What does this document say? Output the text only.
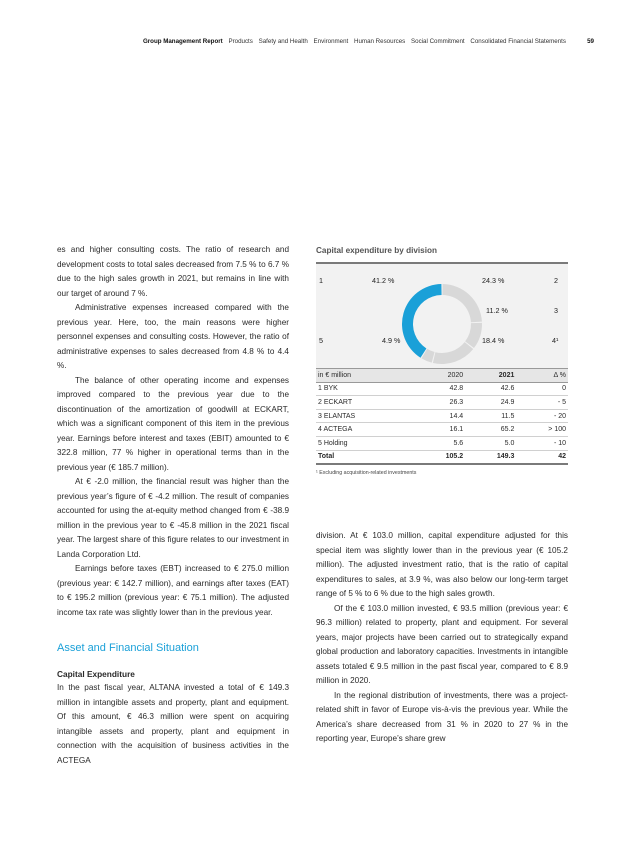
Group Management Report Products Safety and Health Environment Human Resources Social Commitment Consolidated Financial Statements	59

es and higher consulting costs. The ratio of research and development costs to total sales decreased from 7.5 % to 6.7 % due to the high sales growth in 2021, but remains in line with our target of around 7 %.

Administrative expenses increased compared with the previous year. Here, too, the main reasons were higher personnel expenses and consulting costs. However, the ratio of administrative expenses to sales decreased from 4.8 % to 4.4 %.

The balance of other operating income and expenses improved compared to the previous year due to the discontinuation of the amortization of goodwill at ECKART, which was a significant component of this item in the previous year. Earnings before interest and taxes (EBIT) amounted to € 322.8 million, 77 % higher in operational terms than in the previous year (€ 185.7 million).

At € -2.0 million, the financial result was higher than the previous year’s figure of € -4.2 million. The result of companies accounted for using the at-equity method changed from € -38.9 million in the previous year to € -45.8 million in the 2021 fiscal year. The largest share of this figure relates to our investment in Landa Corporation Ltd.

Earnings before taxes (EBT) increased to € 275.0 million (previous year: € 142.7 million), and earnings after taxes (EAT) to € 195.2 million (previous year: € 75.1 million). The adjusted income tax rate was slightly lower than in the previous year.

Asset and Financial Situation
Capital Expenditure

In the past fiscal year, ALTANA invested a total of € 149.3 million in intangible assets and property, plant and equipment. Of this amount, € 46.3 million were spent on acquiring intangible assets and property, plant and equipment in connection with the acquisition of business activities in the ACTEGA

Capital expenditure by division
1	41.2 %	24.3 %	2
11.2 %	3
5	4.9 %	18.4 %	4¹
in € million	2020	2021	Δ %
1 BYK	42.8	42.6	0
2 ECKART	26.3	24.9	- 5
3 ELANTAS	14.4	11.5	- 20
4 ACTEGA	16.1	65.2	> 100
5 Holding	5.6	5.0	- 10
Total	105.2	149.3	42
¹ Excluding acquisition-related investments

division. At € 103.0 million, capital expenditure adjusted for this special item was slightly lower than in the previous year (€ 105.2 million). The adjusted investment ratio, that is the ratio of capital expenditures to sales, at 3.9 %, was also below our long-term target range of 5 % to 6 % due to the high sales growth.

Of the € 103.0 million invested, € 93.5 million (previous year: € 96.3 million) related to property, plant and equipment. For several years, major projects have been carried out to strategically expand global production and laboratory capacities. Investments in intangible assets totaled € 9.5 million in the past fiscal year, compared to € 8.9 million in 2020.

In the regional distribution of investments, there was a project-related shift in favor of Europe vis-à-vis the previous year. While the America’s share decreased from 31 % in 2020 to 27 % in the reporting year, Europe’s share grew
